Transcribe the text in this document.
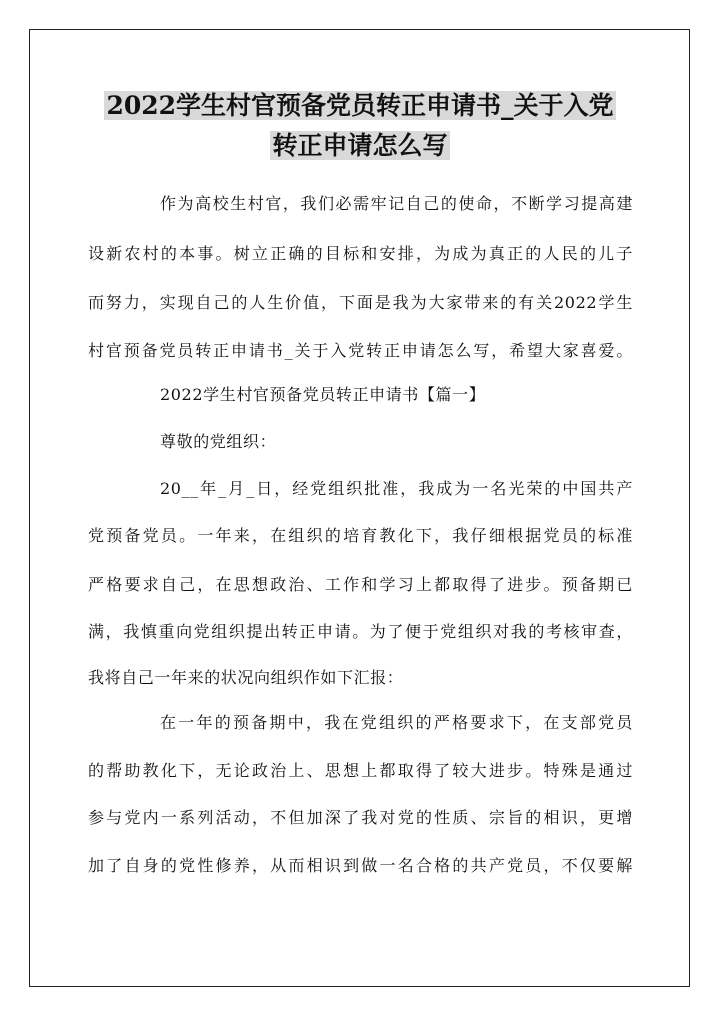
2022学生村官预备党员转正申请书_关于入党
转正申请怎么写
作为高校生村官，我们必需牢记自己的使命，不断学习提高建
设新农村的本事。树立正确的目标和安排，为成为真正的人民的儿子
而努力，实现自己的人生价值，下面是我为大家带来的有关2022学生
村官预备党员转正申请书_关于入党转正申请怎么写，希望大家喜爱。
2022学生村官预备党员转正申请书【篇一】
尊敬的党组织：
20__年_月_日，经党组织批准，我成为一名光荣的中国共产
党预备党员。一年来，在组织的培育教化下，我仔细根据党员的标准
严格要求自己，在思想政治、工作和学习上都取得了进步。预备期已
满，我慎重向党组织提出转正申请。为了便于党组织对我的考核审查，
我将自己一年来的状况向组织作如下汇报：
在一年的预备期中，我在党组织的严格要求下，在支部党员
的帮助教化下，无论政治上、思想上都取得了较大进步。特殊是通过
参与党内一系列活动，不但加深了我对党的性质、宗旨的相识，更增
加了自身的党性修养，从而相识到做一名合格的共产党员，不仅要解
